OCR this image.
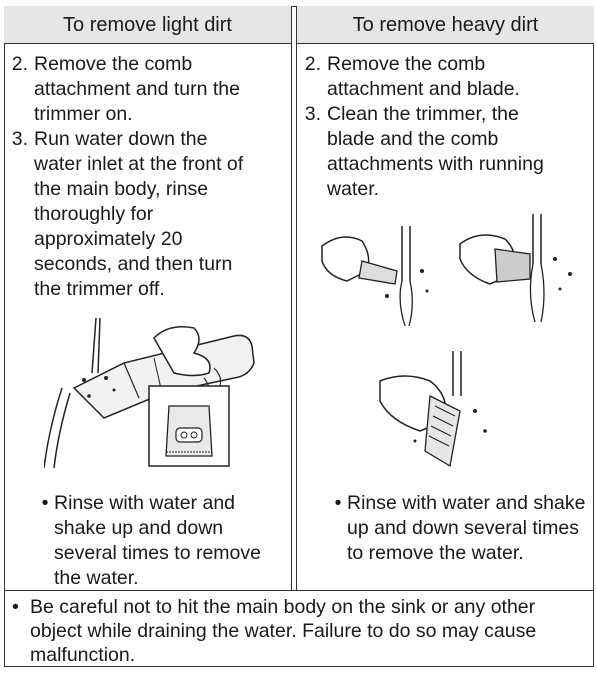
To remove light dirt
2. Remove the comb attachment and turn the trimmer on.
3. Run water down the water inlet at the front of the main body, rinse thoroughly for approximately 20 seconds, and then turn the trimmer off.
• Rinse with water and shake up and down several times to remove the water.
To remove heavy dirt
2. Remove the comb attachment and blade.
3. Clean the trimmer, the blade and the comb attachments with running water.
• Rinse with water and shake up and down several times to remove the water.
• Be careful not to hit the main body on the sink or any other object while draining the water. Failure to do so may cause malfunction.
